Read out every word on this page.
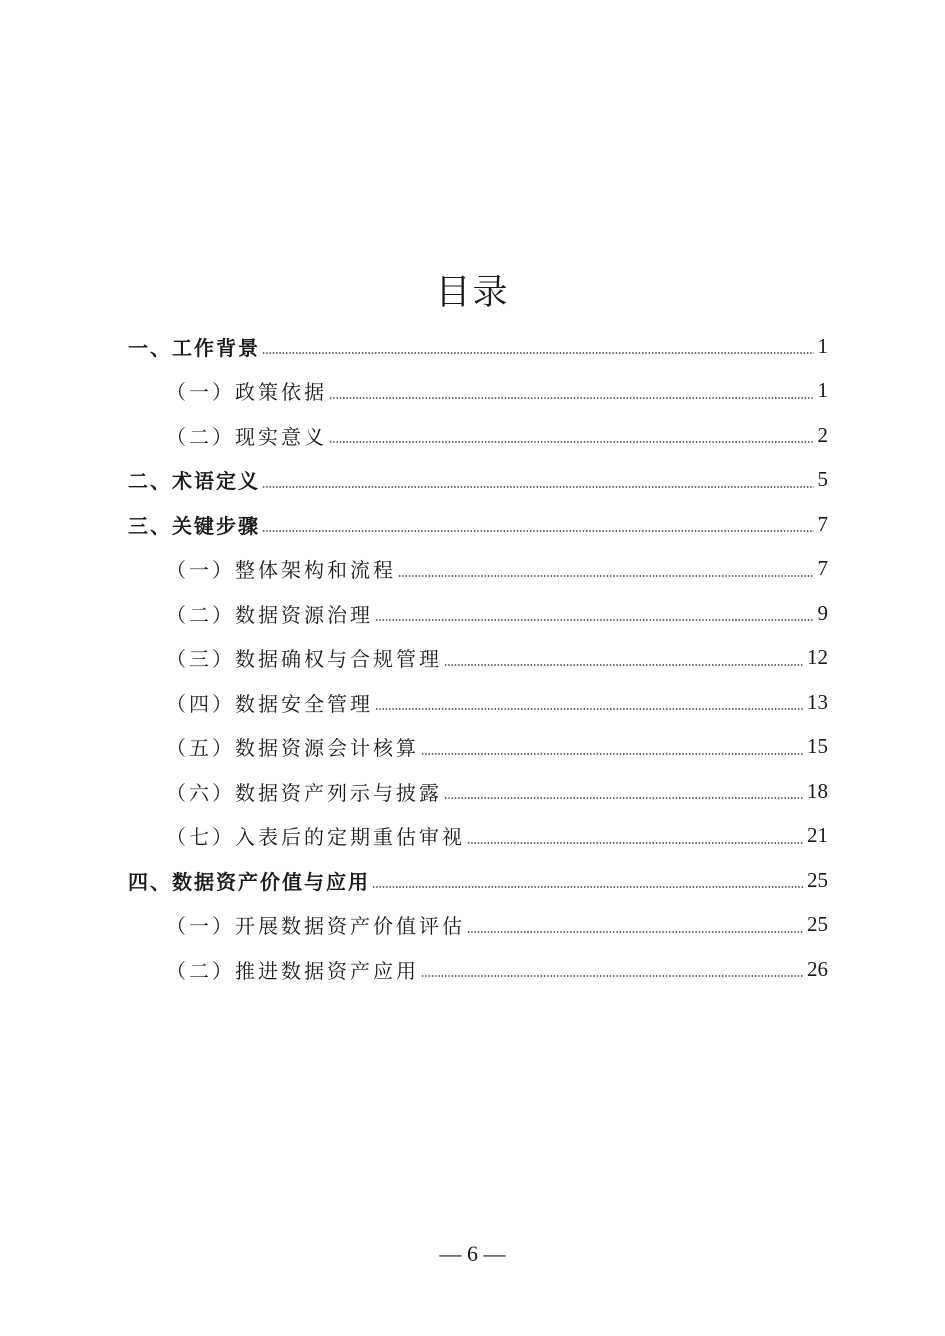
目录
一、工作背景	1
（一）政策依据	1
（二）现实意义	2
二、术语定义	5
三、关键步骤	7
（一）整体架构和流程	7
（二）数据资源治理	9
（三）数据确权与合规管理	12
（四）数据安全管理	13
（五）数据资源会计核算	15
（六）数据资产列示与披露	18
（七）入表后的定期重估审视	21
四、数据资产价值与应用	25
（一）开展数据资产价值评估	25
（二）推进数据资产应用	26
— 6 —
